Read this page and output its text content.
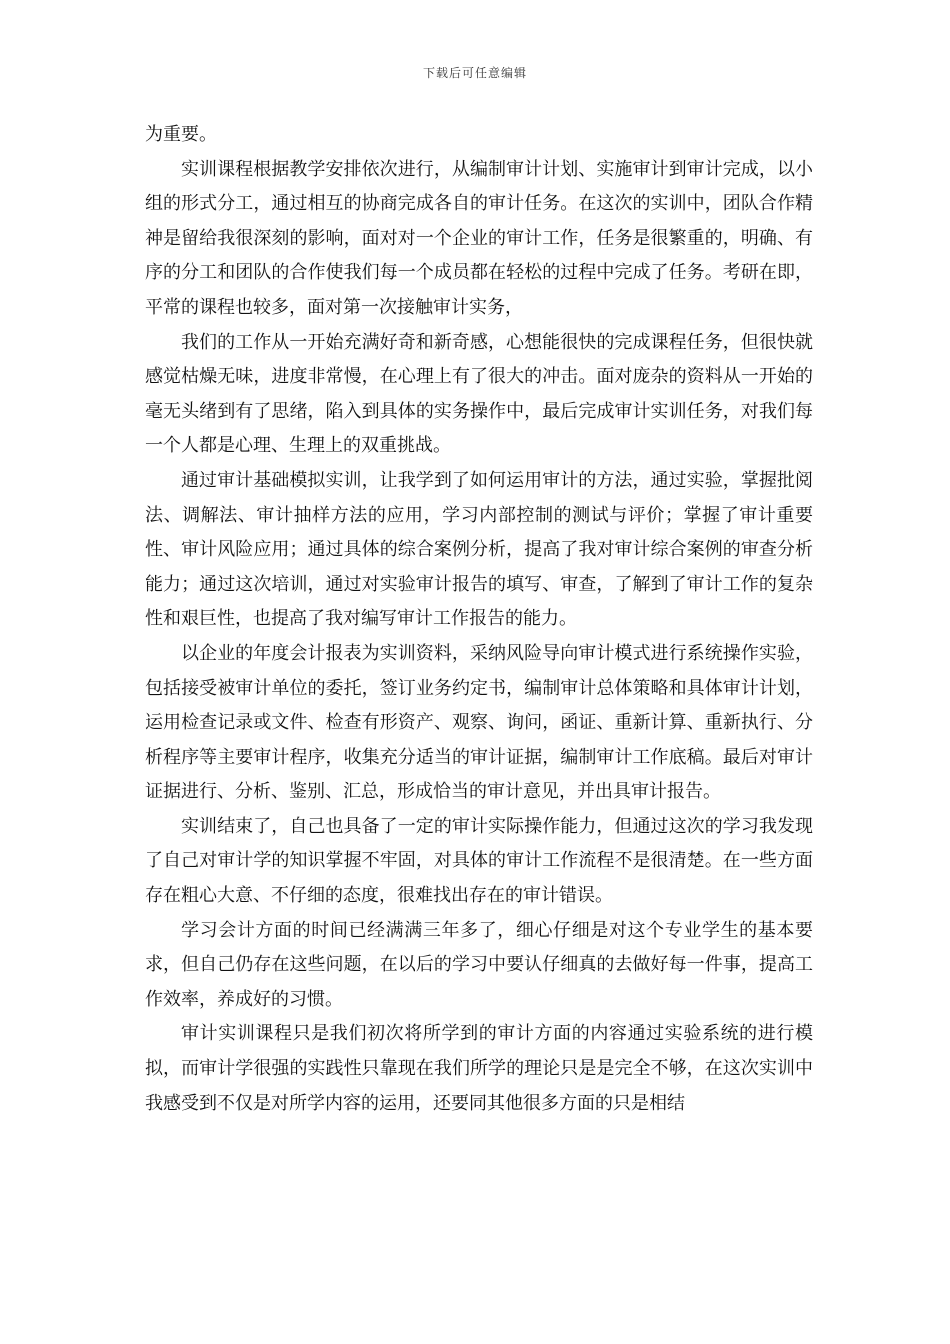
下载后可任意编辑

为重要。

实训课程根据教学安排依次进行，从编制审计计划、实施审计到审计完成，以小组的形式分工，通过相互的协商完成各自的审计任务。在这次的实训中，团队合作精神是留给我很深刻的影响，面对对一个企业的审计工作，任务是很繁重的，明确、有序的分工和团队的合作使我们每一个成员都在轻松的过程中完成了任务。考研在即，平常的课程也较多，面对第一次接触审计实务，

我们的工作从一开始充满好奇和新奇感，心想能很快的完成课程任务，但很快就感觉枯燥无味，进度非常慢，在心理上有了很大的冲击。面对庞杂的资料从一开始的毫无头绪到有了思绪，陷入到具体的实务操作中，最后完成审计实训任务，对我们每一个人都是心理、生理上的双重挑战。

通过审计基础模拟实训，让我学到了如何运用审计的方法，通过实验，掌握批阅法、调解法、审计抽样方法的应用，学习内部控制的测试与评价；掌握了审计重要性、审计风险应用；通过具体的综合案例分析，提高了我对审计综合案例的审查分析能力；通过这次培训，通过对实验审计报告的填写、审查，了解到了审计工作的复杂性和艰巨性，也提高了我对编写审计工作报告的能力。

以企业的年度会计报表为实训资料，采纳风险导向审计模式进行系统操作实验，包括接受被审计单位的委托，签订业务约定书，编制审计总体策略和具体审计计划，运用检查记录或文件、检查有形资产、观察、询问，函证、重新计算、重新执行、分析程序等主要审计程序，收集充分适当的审计证据，编制审计工作底稿。最后对审计证据进行、分析、鉴别、汇总，形成恰当的审计意见，并出具审计报告。

实训结束了，自己也具备了一定的审计实际操作能力，但通过这次的学习我发现了自己对审计学的知识掌握不牢固，对具体的审计工作流程不是很清楚。在一些方面存在粗心大意、不仔细的态度，很难找出存在的审计错误。

学习会计方面的时间已经满满三年多了，细心仔细是对这个专业学生的基本要求，但自己仍存在这些问题，在以后的学习中要认仔细真的去做好每一件事，提高工作效率，养成好的习惯。

审计实训课程只是我们初次将所学到的审计方面的内容通过实验系统的进行模拟，而审计学很强的实践性只靠现在我们所学的理论只是是完全不够，在这次实训中我感受到不仅是对所学内容的运用，还要同其他很多方面的只是相结
